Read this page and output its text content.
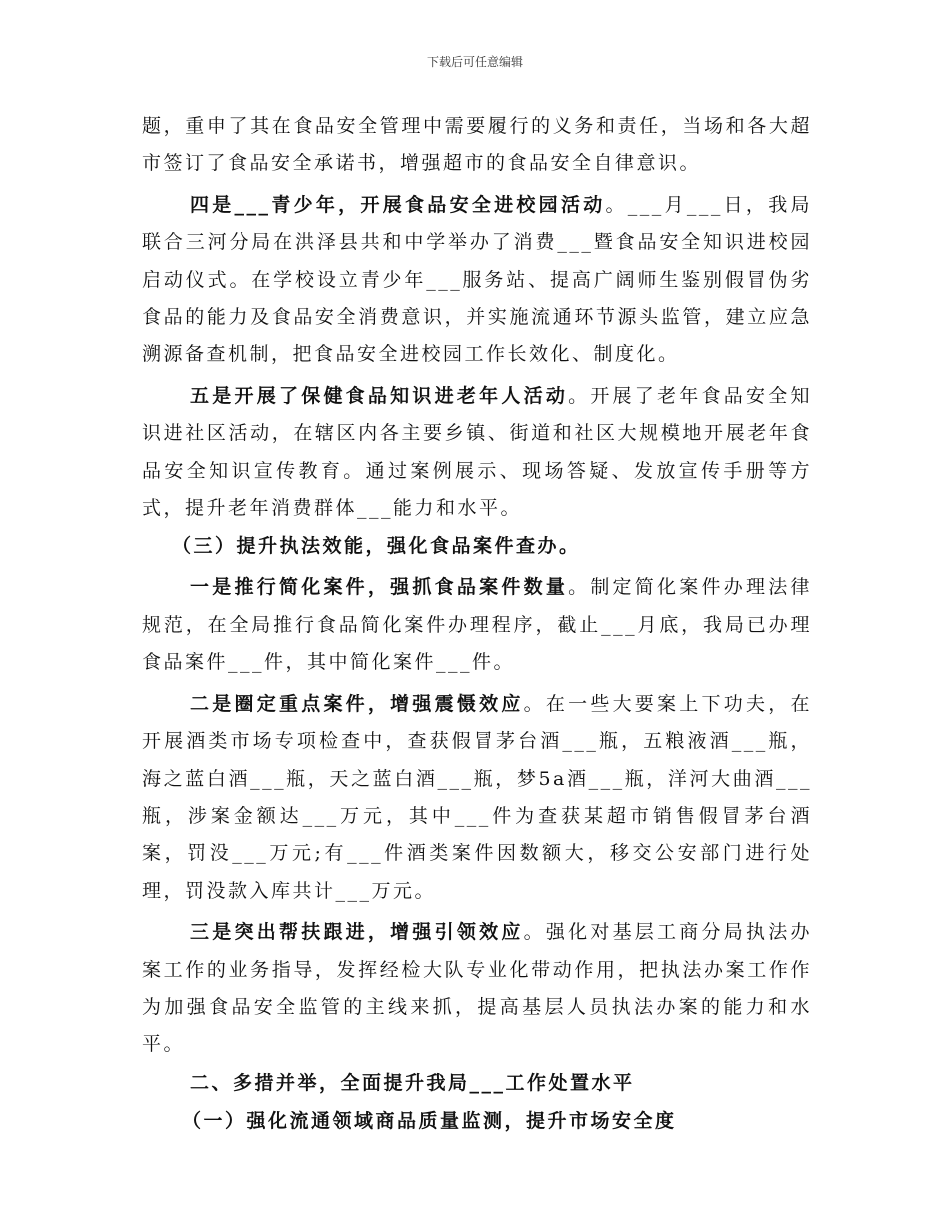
下载后可任意编辑

题，重申了其在食品安全管理中需要履行的义务和责任，当场和各大超市签订了食品安全承诺书，增强超市的食品安全自律意识。

四是___青少年，开展食品安全进校园活动。___月___日，我局联合三河分局在洪泽县共和中学举办了消费___暨食品安全知识进校园启动仪式。在学校设立青少年___服务站、提高广阔师生鉴别假冒伪劣食品的能力及食品安全消费意识，并实施流通环节源头监管，建立应急溯源备查机制，把食品安全进校园工作长效化、制度化。

五是开展了保健食品知识进老年人活动。开展了老年食品安全知识进社区活动，在辖区内各主要乡镇、街道和社区大规模地开展老年食品安全知识宣传教育。通过案例展示、现场答疑、发放宣传手册等方式，提升老年消费群体___能力和水平。

（三）提升执法效能，强化食品案件查办。

一是推行简化案件，强抓食品案件数量。制定简化案件办理法律规范，在全局推行食品简化案件办理程序，截止___月底，我局已办理食品案件___件，其中简化案件___件。

二是圈定重点案件，增强震慑效应。在一些大要案上下功夫，在开展酒类市场专项检查中，查获假冒茅台酒___瓶，五粮液酒___瓶，海之蓝白酒___瓶，天之蓝白酒___瓶，梦5a酒___瓶，洋河大曲酒___瓶，涉案金额达___万元，其中___件为查获某超市销售假冒茅台酒案，罚没___万元;有___件酒类案件因数额大，移交公安部门进行处理，罚没款入库共计___万元。

三是突出帮扶跟进，增强引领效应。强化对基层工商分局执法办案工作的业务指导，发挥经检大队专业化带动作用，把执法办案工作作为加强食品安全监管的主线来抓，提高基层人员执法办案的能力和水平。

二、多措并举，全面提升我局___工作处置水平

（一）强化流通领域商品质量监测，提升市场安全度
